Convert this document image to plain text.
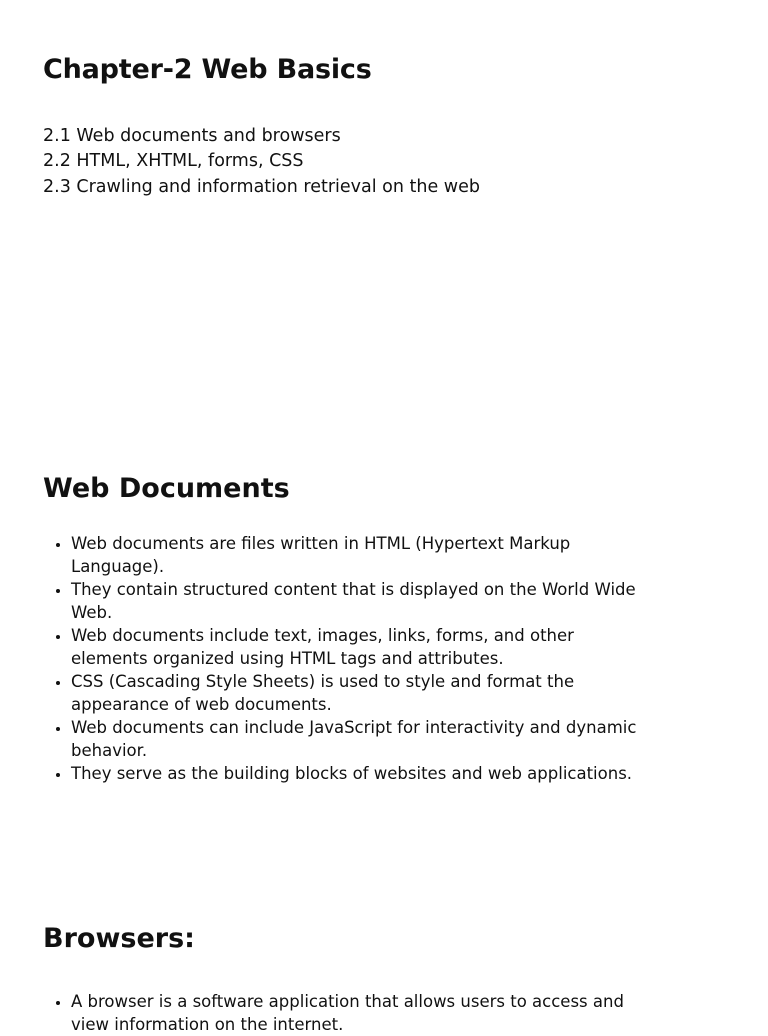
Chapter-2 Web Basics
2.1 Web documents and browsers
2.2 HTML, XHTML, forms, CSS
2.3 Crawling and information retrieval on the web
Web Documents
• Web documents are files written in HTML (Hypertext Markup Language).
• They contain structured content that is displayed on the World Wide Web.
• Web documents include text, images, links, forms, and other elements organized using HTML tags and attributes.
• CSS (Cascading Style Sheets) is used to style and format the appearance of web documents.
• Web documents can include JavaScript for interactivity and dynamic behavior.
• They serve as the building blocks of websites and web applications.
Browsers:
• A browser is a software application that allows users to access and view information on the internet.
